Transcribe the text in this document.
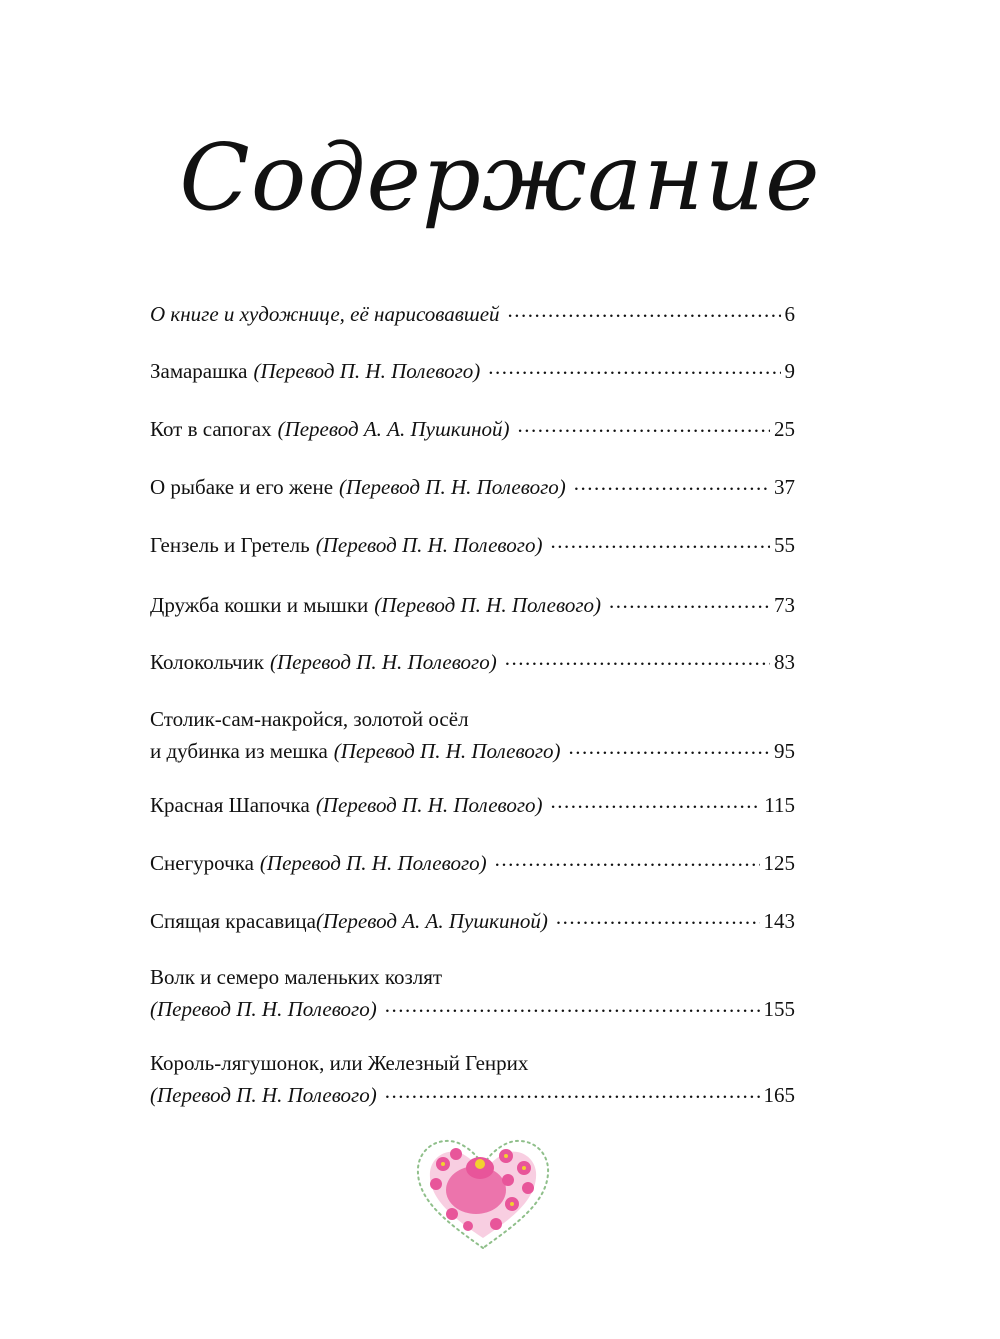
Содержание
О книге и художнице, её нарисовавшей .....	6
Замарашка (Перевод П. Н. Полевого) .....	9
Кот в сапогах (Перевод А. А. Пушкиной) .....	25
О рыбаке и его жене (Перевод П. Н. Полевого) .....	37
Гензель и Гретель (Перевод П. Н. Полевого) .....	55
Дружба кошки и мышки (Перевод П. Н. Полевого) .....	73
Колокольчик (Перевод П. Н. Полевого) .....	83
Столик-сам-накройся, золотой осёл
и дубинка из мешка (Перевод П. Н. Полевого) .....	95
Красная Шапочка (Перевод П. Н. Полевого) .....	115
Снегурочка (Перевод П. Н. Полевого) .....	125
Спящая красавица (Перевод А. А. Пушкиной) .....	143
Волк и семеро маленьких козлят
(Перевод П. Н. Полевого) .....	155
Король-лягушонок, или Железный Генрих
(Перевод П. Н. Полевого) .....	165
